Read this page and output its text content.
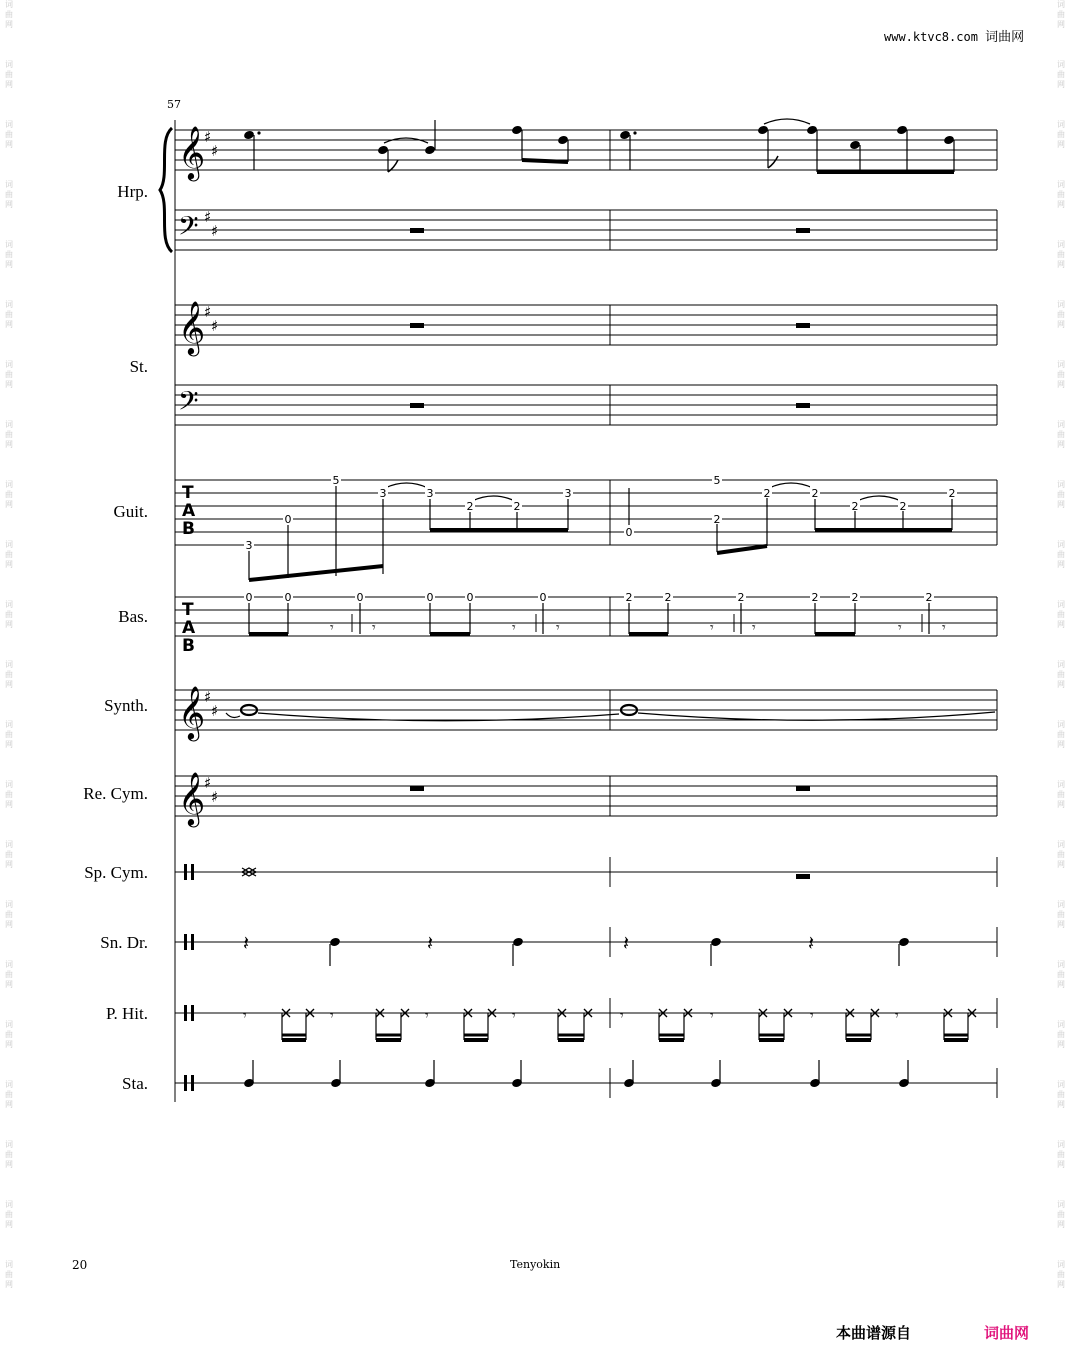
词
曲
网
词
曲
网
词
曲
网
词
曲
网
词
曲
网
词
曲
网
词
曲
网
词
曲
网
词
曲
网
词
曲
网
词
曲
网
词
曲
网
词
曲
网
词
曲
网
词
曲
网
词
曲
网
词
曲
网
词
曲
网
词
曲
网
词
曲
网
词
曲
网
词
曲
网
词
曲
网
词
曲
网
词
曲
网
词
曲
网
词
曲
网
词
曲
网
词
曲
网
词
曲
网
词
曲
网
词
曲
网
词
曲
网
词
曲
网
词
曲
网
词
曲
网
词
曲
网
词
曲
网
词
曲
网
词
曲
网
词
曲
网
词
曲
网
词
曲
网
词
曲
网
www.ktvc8.com 词曲网
57
Hrp.
St.
Guit.
Bas.
Synth.
Re. Cym.
Sp. Cym.
Sn. Dr.
P. Hit.
Sta.
𝄞
♯
♯
𝄢 ♯
♯
𝄞
♯
♯
𝄢
T
A
B
T
A
B
𝄾	𝄾	𝄾	𝄾	𝄾	𝄾	𝄾	𝄾
𝄞
♯
♯
𝄞
♯
♯
𝄽	𝄽	𝄽	𝄽
𝄾	𝄾	𝄾	𝄾	𝄾	𝄾	𝄾	𝄾
3
0
5
3	3
2	2
3
0
2
5
2	2
2	2
2
0	0	0	0	0	0	2	2	2	2	2	2
20	Tenyokin
本曲谱源自	词曲网
